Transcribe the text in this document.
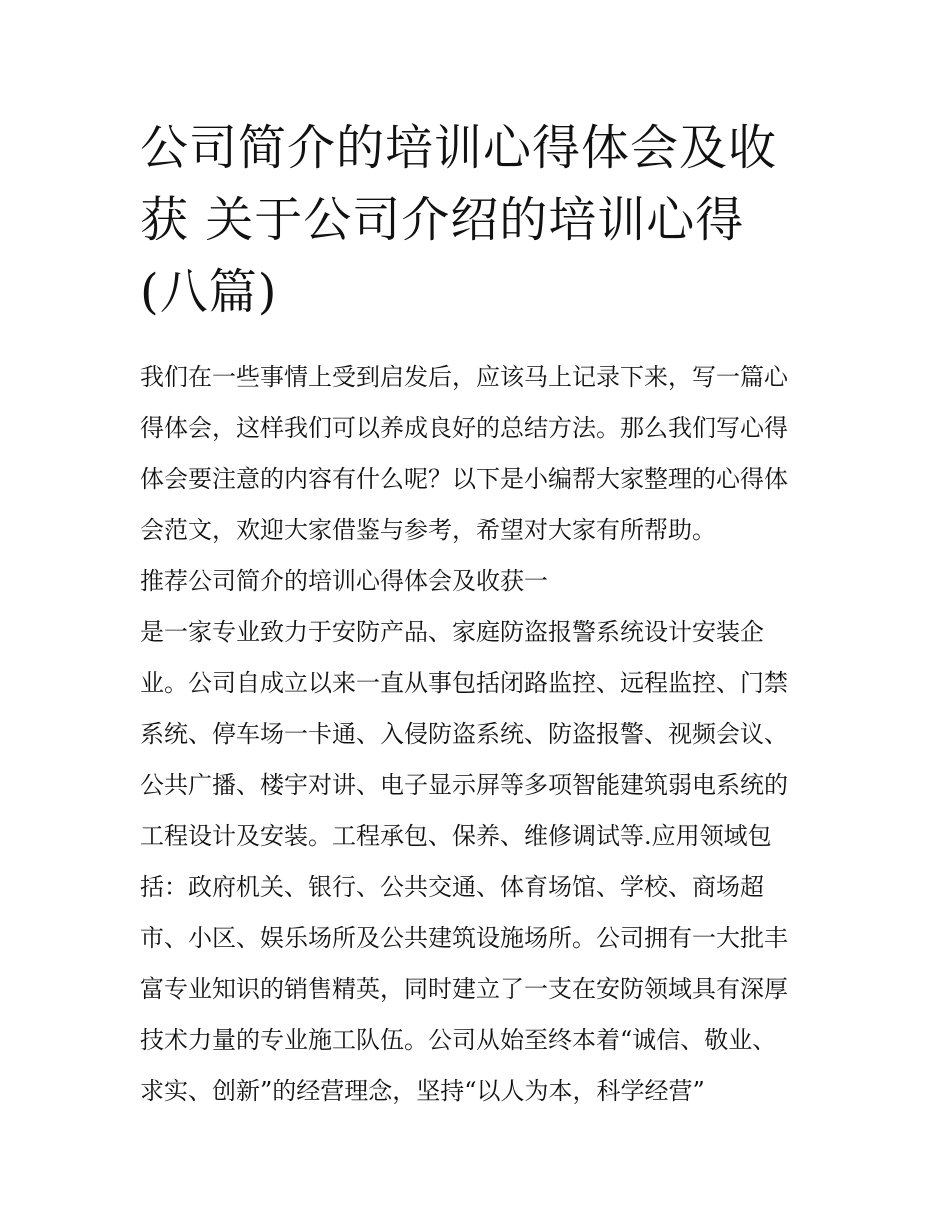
公司简介的培训心得体会及收
获 关于公司介绍的培训心得
(八篇)
我们在一些事情上受到启发后，应该马上记录下来，写一篇心
得体会，这样我们可以养成良好的总结方法。那么我们写心得
体会要注意的内容有什么呢？以下是小编帮大家整理的心得体
会范文，欢迎大家借鉴与参考，希望对大家有所帮助。
推荐公司简介的培训心得体会及收获一
是一家专业致力于安防产品、家庭防盗报警系统设计安装企
业。公司自成立以来一直从事包括闭路监控、远程监控、门禁
系统、停车场一卡通、入侵防盗系统、防盗报警、视频会议、
公共广播、楼宇对讲、电子显示屏等多项智能建筑弱电系统的
工程设计及安装。工程承包、保养、维修调试等.应用领域包
括：政府机关、银行、公共交通、体育场馆、学校、商场超
市、小区、娱乐场所及公共建筑设施场所。公司拥有一大批丰
富专业知识的销售精英，同时建立了一支在安防领域具有深厚
技术力量的专业施工队伍。公司从始至终本着“诚信、敬业、
求实、创新”的经营理念，坚持“以人为本，科学经营”
